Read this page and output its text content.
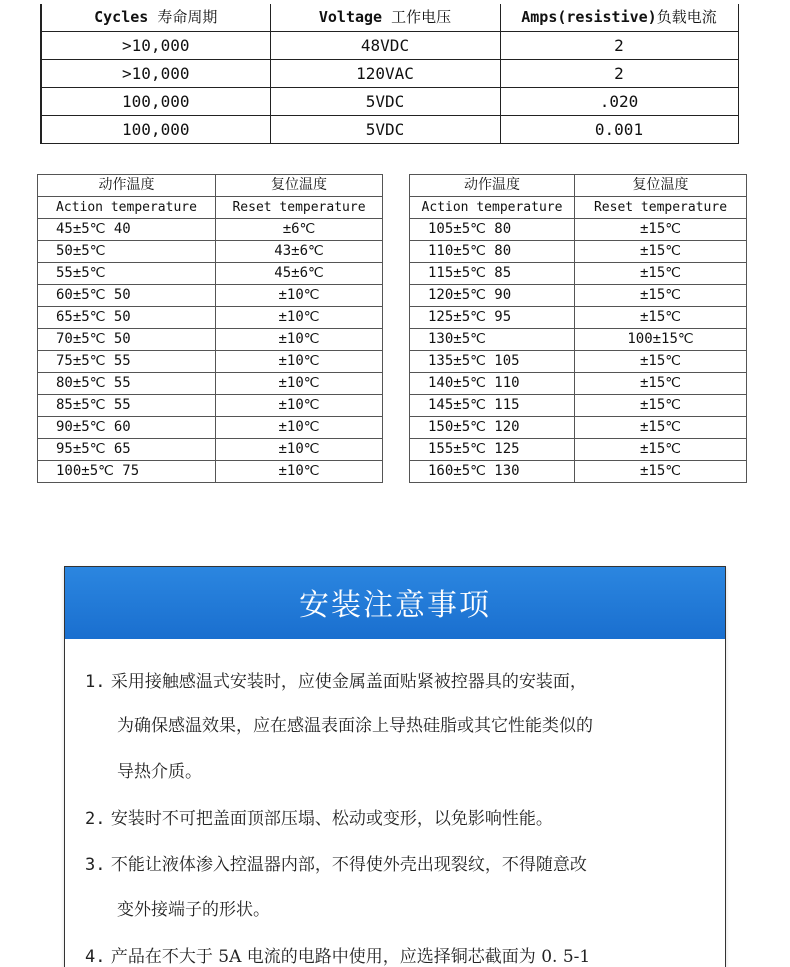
Cycles 寿命周期	Voltage 工作电压	Amps(resistive)负载电流
>10,000	48VDC	2
>10,000	120VAC	2
100,000	5VDC	.020
100,000	5VDC	0.001
动作温度	复位温度
Action temperature	Reset temperature
45±5℃ 40	±6℃
50±5℃	43±6℃
55±5℃	45±6℃
60±5℃ 50	±10℃
65±5℃ 50	±10℃
70±5℃ 50	±10℃
75±5℃ 55	±10℃
80±5℃ 55	±10℃
85±5℃ 55	±10℃
90±5℃ 60	±10℃
95±5℃ 65	±10℃
100±5℃ 75	±10℃
动作温度	复位温度
Action temperature	Reset temperature
105±5℃ 80	±15℃
110±5℃ 80	±15℃
115±5℃ 85	±15℃
120±5℃ 90	±15℃
125±5℃ 95	±15℃
130±5℃	100±15℃
135±5℃ 105	±15℃
140±5℃ 110	±15℃
145±5℃ 115	±15℃
150±5℃ 120	±15℃
155±5℃ 125	±15℃
160±5℃ 130	±15℃
安装注意事项
1. 采用接触感温式安装时，应使金属盖面贴紧被控器具的安装面，
为确保感温效果，应在感温表面涂上导热硅脂或其它性能类似的
导热介质。
2. 安装时不可把盖面顶部压塌、松动或变形，以免影响性能。
3. 不能让液体渗入控温器内部，不得使外壳出现裂纹，不得随意改
变外接端子的形状。
4. 产品在不大于 5A 电流的电路中使用，应选择铜芯截面为 0. 5-1
